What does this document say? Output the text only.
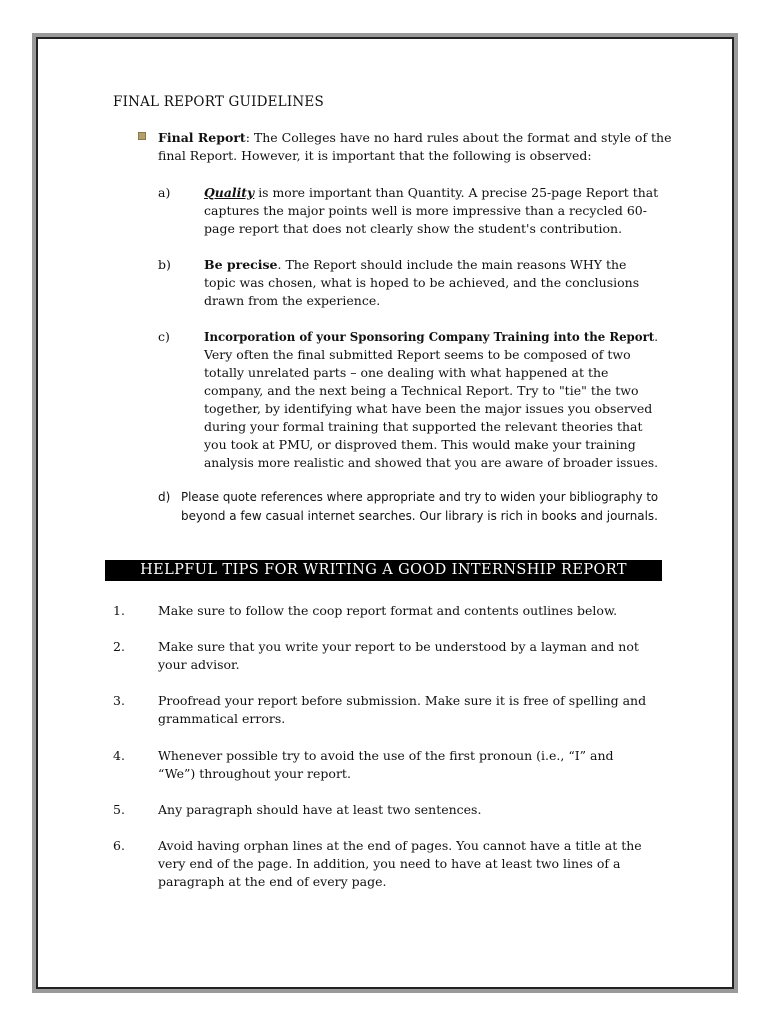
FINAL REPORT GUIDELINES
Final Report: The Colleges have no hard rules about the format and style of the
final Report. However, it is important that the following is observed:
a)	Quality is more important than Quantity. A precise 25-page Report that
captures the major points well is more impressive than a recycled 60-
page report that does not clearly show the student's contribution.
b)	Be precise. The Report should include the main reasons WHY the
topic was chosen, what is hoped to be achieved, and the conclusions
drawn from the experience.
c)	Incorporation of your Sponsoring Company Training into the Report.
Very often the final submitted Report seems to be composed of two
totally unrelated parts – one dealing with what happened at the
company, and the next being a Technical Report. Try to "tie" the two
together, by identifying what have been the major issues you observed
during your formal training that supported the relevant theories that
you took at PMU, or disproved them. This would make your training
analysis more realistic and showed that you are aware of broader issues.
d) Please quote references where appropriate and try to widen your bibliography to
beyond a few casual internet searches. Our library is rich in books and journals.
HELPFUL TIPS FOR WRITING A GOOD INTERNSHIP REPORT
1.	Make sure to follow the coop report format and contents outlines below.
2.	Make sure that you write your report to be understood by a layman and not
your advisor.
3.	Proofread your report before submission. Make sure it is free of spelling and
grammatical errors.
4.	Whenever possible try to avoid the use of the first pronoun (i.e., “I” and
“We”) throughout your report.
5.	Any paragraph should have at least two sentences.
6.	Avoid having orphan lines at the end of pages. You cannot have a title at the
very end of the page. In addition, you need to have at least two lines of a
paragraph at the end of every page.
